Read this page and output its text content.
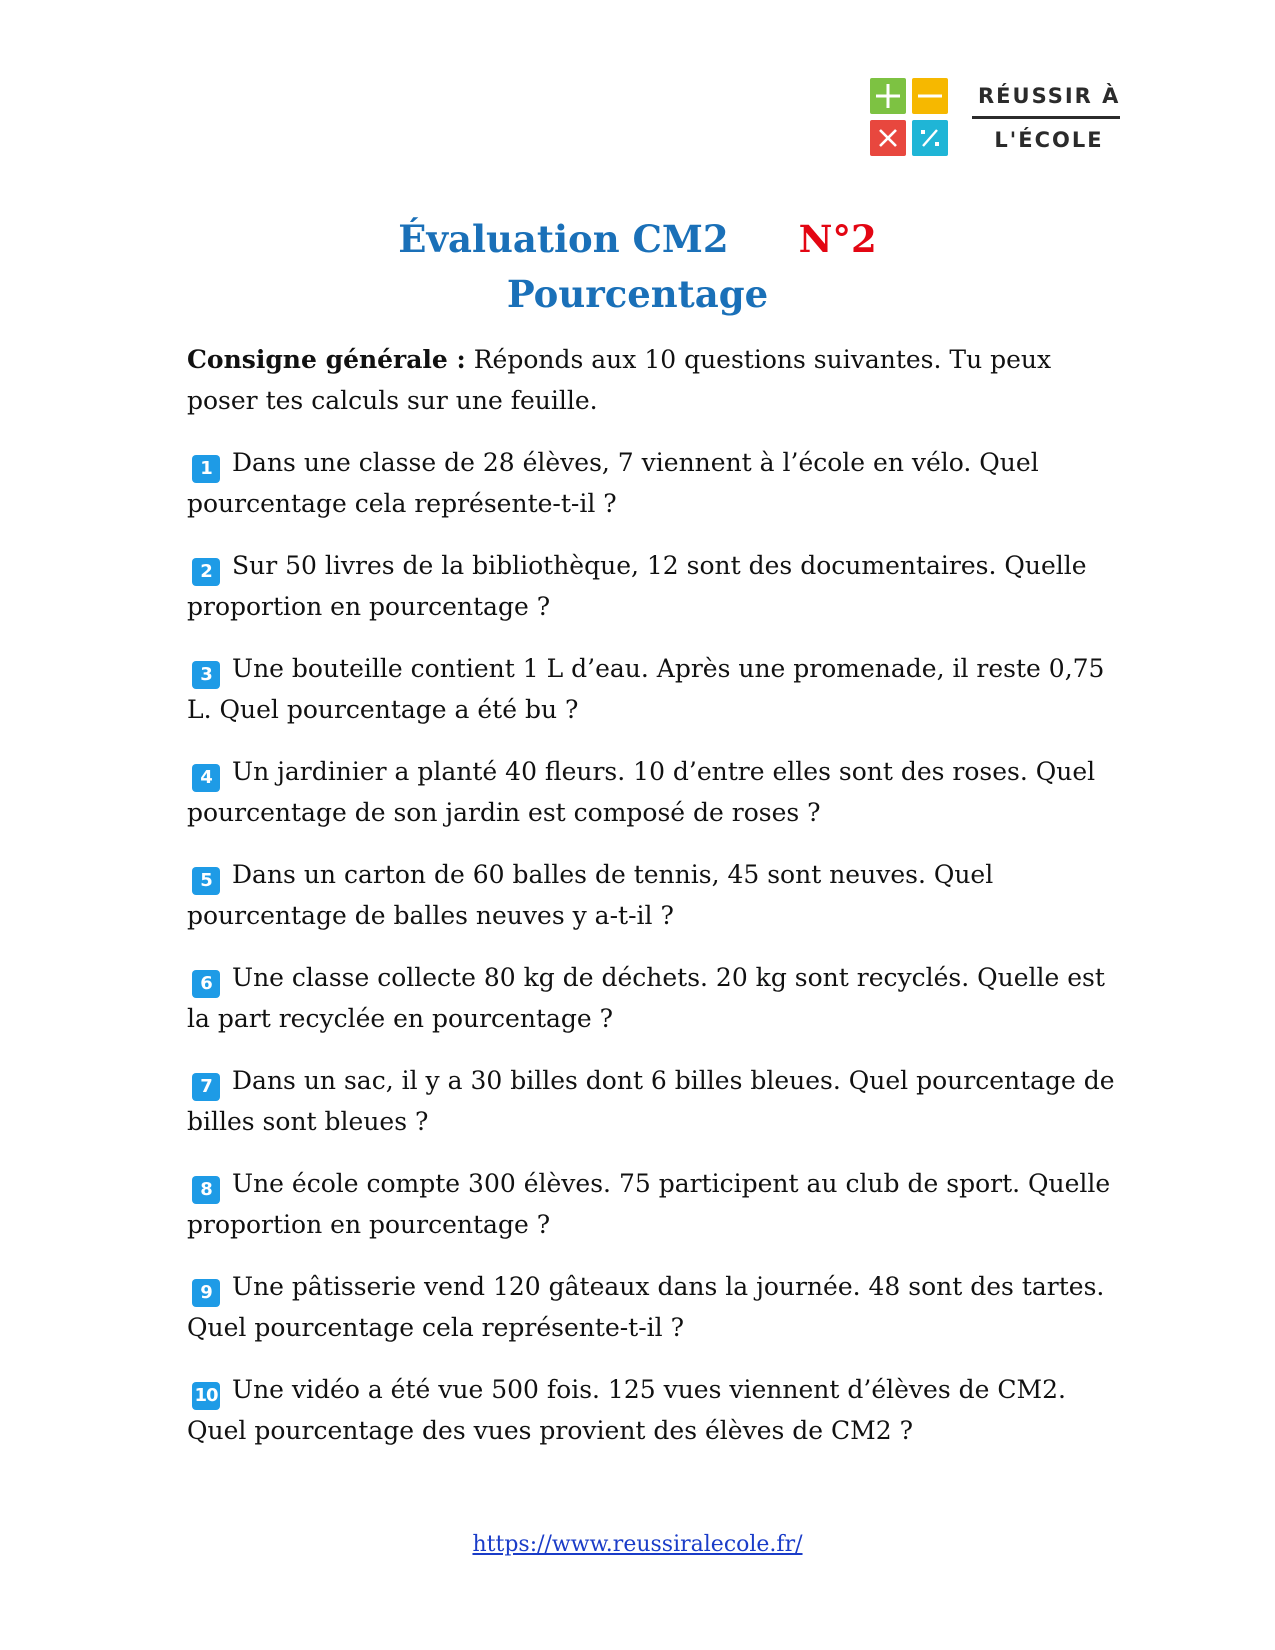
RÉUSSIR À
L'ÉCOLE
Évaluation CM2 N°2
Pourcentage

Consigne générale : Réponds aux 10 questions suivantes. Tu peux poser tes calculs sur une feuille.

1 Dans une classe de 28 élèves, 7 viennent à l’école en vélo. Quel pourcentage cela représente-t-il ?

2 Sur 50 livres de la bibliothèque, 12 sont des documentaires. Quelle proportion en pourcentage ?

3 Une bouteille contient 1 L d’eau. Après une promenade, il reste 0,75 L. Quel pourcentage a été bu ?

4 Un jardinier a planté 40 fleurs. 10 d’entre elles sont des roses. Quel pourcentage de son jardin est composé de roses ?

5 Dans un carton de 60 balles de tennis, 45 sont neuves. Quel pourcentage de balles neuves y a-t-il ?

6 Une classe collecte 80 kg de déchets. 20 kg sont recyclés. Quelle est la part recyclée en pourcentage ?

7 Dans un sac, il y a 30 billes dont 6 billes bleues. Quel pourcentage de billes sont bleues ?

8 Une école compte 300 élèves. 75 participent au club de sport. Quelle proportion en pourcentage ?

9 Une pâtisserie vend 120 gâteaux dans la journée. 48 sont des tartes. Quel pourcentage cela représente-t-il ?

10 Une vidéo a été vue 500 fois. 125 vues viennent d’élèves de CM2. Quel pourcentage des vues provient des élèves de CM2 ?

https://www.reussiralecole.fr/
